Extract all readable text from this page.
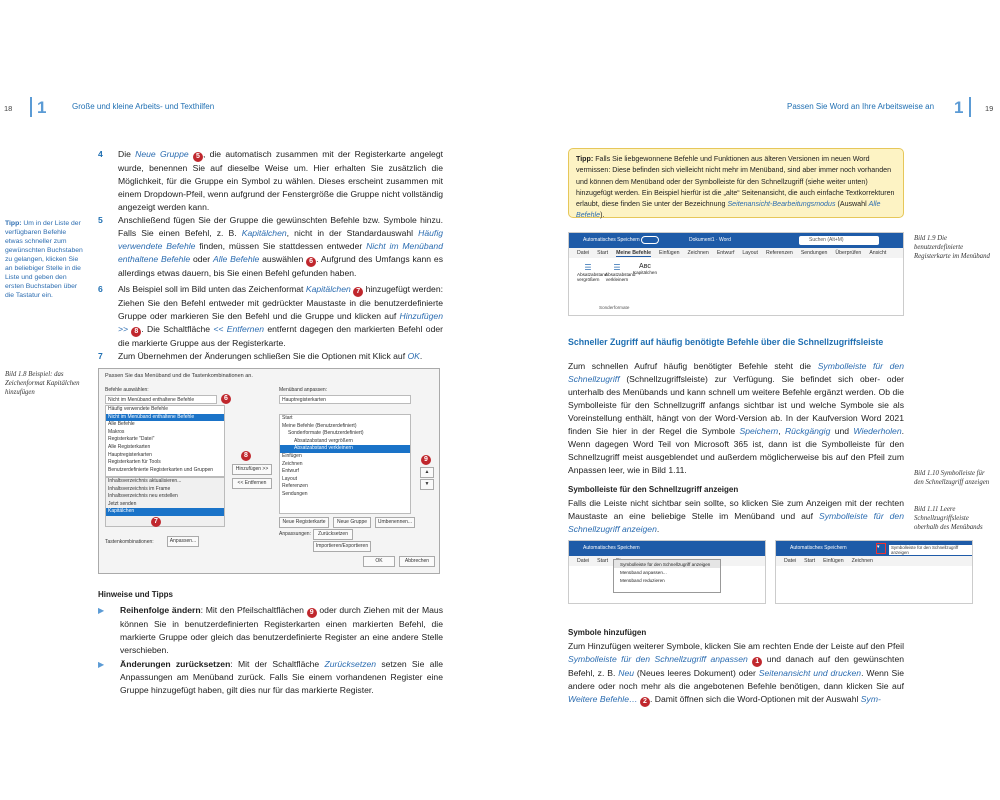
18 1	Große und kleine Arbeits- und Texthilfen
Tipp: Um in der Liste der verfügbaren Befehle etwas schneller zum gewünschten Buchstaben zu gelangen, klicken Sie an beliebiger Stelle in die Liste und geben den ersten Buchstaben über die Tastatur ein.
Bild 1.8 Beispiel: das Zeichenformat Kapitälchen hinzufügen
4 Die Neue Gruppe 5 , die automatisch zusammen mit der Registerkarte angelegt wurde, benennen Sie auf dieselbe Weise um. Hier erhalten Sie zusätzlich die Möglichkeit, für die Gruppe ein Symbol zu wählen. Dieses erscheint zusammen mit einem Dropdown-Pfeil, wenn aufgrund der Fenstergröße die Gruppe nicht vollständig angezeigt werden kann.
5 Anschließend fügen Sie der Gruppe die gewünschten Befehle bzw. Symbole hinzu. Falls Sie einen Befehl, z. B. Kapitälchen, nicht in der Standardauswahl Häufig verwendete Befehle finden, müssen Sie stattdessen entweder Nicht im Menüband enthaltene Befehle oder Alle Befehle auswählen 6 . Aufgrund des Umfangs kann es allerdings etwas dauern, bis Sie einen Befehl gefunden haben.
6 Als Beispiel soll im Bild unten das Zeichenformat Kapitälchen 7 hinzugefügt werden: Ziehen Sie den Befehl entweder mit gedrückter Maustaste in die benutzerdefinierte Gruppe oder markieren Sie den Befehl und die Gruppe und klicken auf Hinzufügen >> 8 . Die Schaltfläche << Entfernen entfernt dagegen den markierten Befehl oder die markierte Gruppe aus der Registerkarte.
7 Zum Übernehmen der Änderungen schließen Sie die Optionen mit Klick auf OK.
Passen Sie das Menüband und die Tastenkombinationen an.
Befehle auswählen:
Nicht im Menüband enthaltene Befehle	6
Häufig verwendete Befehle
Nicht im Menüband enthaltene Befehle
Alle Befehle
Makros
Registerkarte "Datei"
Alle Registerkarten
Hauptregisterkarten
Registerkarten für Tools
Benutzerdefinierte Registerkarten und Gruppen
Inhaltsverzeichnis aktualisieren...
Inhaltsverzeichnis im Frame
Inhaltsverzeichnis neu erstellen
Jetzt senden
Kapitälchen
7
8
Hinzufügen >>
<< Entfernen
Menüband anpassen:
Hauptregisterkarten
Start
Meine Befehle (Benutzerdefiniert)
Sonderformate (Benutzerdefiniert)
Absatzabstand vergrößern
Absatzabstand verkleinern
Einfügen
Zeichnen
Entwurf
Layout
Referenzen
Sendungen
9
▲
▼
Neue Registerkarte	Neue Gruppe	Umbenennen...
Anpassungen:	Zurücksetzen
Importieren/Exportieren
Tastenkombinationen:	Anpassen...
OK	Abbrechen
Hinweise und Tipps
▶ Reihenfolge ändern: Mit den Pfeilschaltflächen 9 oder durch Ziehen mit der Maus können Sie in benutzerdefinierten Registerkarten einen markierten Befehl, die markierte Gruppe oder gleich das benutzerdefinierte Register an eine andere Stelle verschieben.
▶ Änderungen zurücksetzen: Mit der Schaltfläche Zurücksetzen setzen Sie alle Anpassungen am Menüband zurück. Falls Sie einem vorhandenen Register eine Gruppe hinzugefügt haben, gilt dies nur für das markierte Register.
Passen Sie Word an Ihre Arbeitsweise an 1	19
Tipp: Falls Sie liebgewonnene Befehle und Funktionen aus älteren Versionen im neuen Word vermissen: Diese befinden sich vielleicht nicht mehr im Menüband, sind aber immer noch vorhanden und können dem Menüband oder der Symbolleiste für den Schnellzugriff (siehe weiter unten) hinzugefügt werden. Ein Beispiel hierfür ist die „alte“ Seitenansicht, die auch einfache Textkorrekturen erlaubt, diese finden Sie unter der Bezeichnung Seitenansicht-Bearbeitungsmodus (Auswahl Alle Befehle).
Automatisches Speichern	Dokument1 · Word	Suchen (Alt+M)
Datei Start Meine Befehle Einfügen Zeichnen Entwurf Layout Referenzen Sendungen Überprüfen Ansicht
☰
Absatzabstand vergrößern
☰
Absatzabstand verkleinern
Aʙᴄ
Kapitälchen
Sonderformate
Bild 1.9 Die benutzerdefinierte Registerkarte im Menüband
Schneller Zugriff auf häufig benötigte Befehle über die Schnellzugriffsleiste
Zum schnellen Aufruf häufig benötigter Befehle steht die Symbolleiste für den Schnellzugriff (Schnellzugriffsleiste) zur Verfügung. Sie befindet sich ober- oder unterhalb des Menübands und kann schnell um weitere Befehle ergänzt werden. Ob die Symbolleiste für den Schnellzugriff anfangs sichtbar ist und welche Symbole sie als Voreinstellung enthält, hängt von der Word-Version ab. In der Kaufversion Word 2021 finden Sie hier in der Regel die Symbole Speichern, Rückgängig und Wiederholen. Wenn dagegen Word Teil von Microsoft 365 ist, dann ist die Symbolleiste für den Schnellzugriff meist ausgeblendet und außerdem möglicherweise bis auf den Pfeil zum Anpassen leer, wie in Bild 1.11.
Symbolleiste für den Schnellzugriff anzeigen
Falls die Leiste nicht sichtbar sein sollte, so klicken Sie zum Anzeigen mit der rechten Maustaste an eine beliebige Stelle im Menüband und auf Symbolleiste für den Schnellzugriff anzeigen.
Bild 1.10 Symbolleiste für den Schnellzugriff anzeigen
Bild 1.11 Leere Schnellzugriffsleiste oberhalb des Menübands
Automatisches Speichern
Datei Start	Symbolleiste für den Schnellzugriff anzeigen
Menüband anpassen...
Menüband reduzieren
Automatisches Speichern	▾	Symbolleiste für den Schnellzugriff anzeigen
Datei Start Einfügen Zeichnen
Symbole hinzufügen
Zum Hinzufügen weiterer Symbole, klicken Sie am rechten Ende der Leiste auf den Pfeil Symbolleiste für den Schnellzugriff anpassen 1 und danach auf den gewünschten Befehl, z. B. Neu (Neues leeres Dokument) oder Seitenansicht und drucken. Wenn Sie andere oder noch mehr als die angebotenen Befehle benötigen, dann klicken Sie auf Weitere Befehle… 2 . Damit öffnen sich die Word-Optionen mit der Auswahl Sym-
